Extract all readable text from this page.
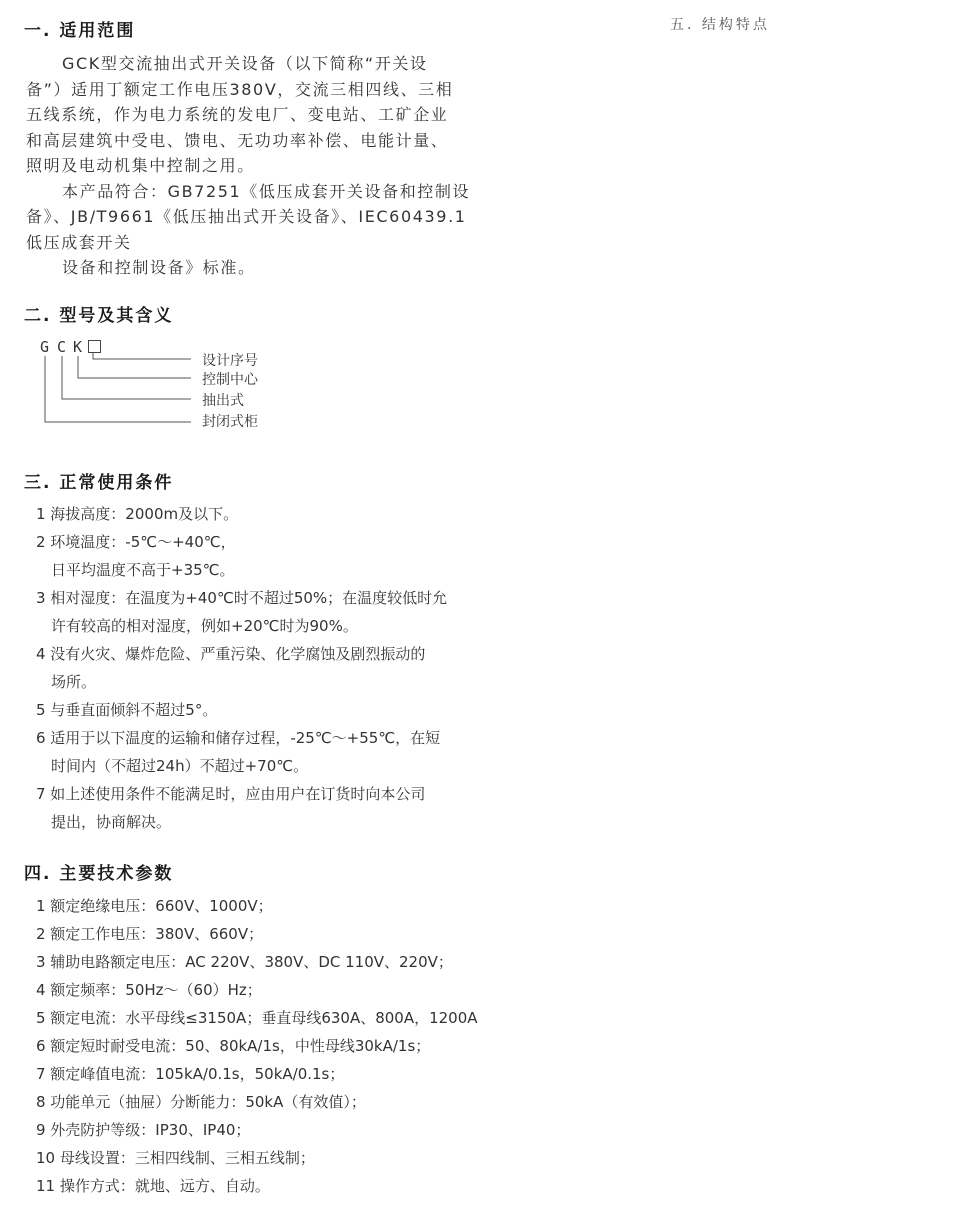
五. 结构特点
一. 适用范围
GCK型交流抽出式开关设备（以下简称“开关设
备”）适用丁额定工作电压380V，交流三相四线、三相
五线系统，作为电力系统的发电厂、变电站、工矿企业
和高层建筑中受电、馈电、无功功率补偿、电能计量、
照明及电动机集中控制之用。
本产品符合：GB7251《低压成套开关设备和控制设
备》、JB/T9661《低压抽出式开关设备》、IEC60439.1
低压成套开关
设备和控制设备》标准。
二. 型号及其含义
G C K
设计序号
控制中心
抽出式
封闭式柜
三. 正常使用条件
1 海拔高度：2000m及以下。
2 环境温度：-5℃～+40℃，
日平均温度不高于+35℃。
3 相对湿度：在温度为+40℃时不超过50%；在温度较低时允
许有较高的相对湿度，例如+20℃时为90%。
4 没有火灾、爆炸危险、严重污染、化学腐蚀及剧烈振动的
场所。
5 与垂直面倾斜不超过5°。
6 适用于以下温度的运输和储存过程，-25℃～+55℃，在短
时间内（不超过24h）不超过+70℃。
7 如上述使用条件不能满足时，应由用户在订货时向本公司
提出，协商解决。
四. 主要技术参数
1 额定绝缘电压：660V、1000V；
2 额定工作电压：380V、660V；
3 辅助电路额定电压：AC 220V、380V、DC 110V、220V；
4 额定频率：50Hz～（60）Hz；
5 额定电流：水平母线≤3150A；垂直母线630A、800A，1200A
6 额定短时耐受电流：50、80kA/1s，中性母线30kA/1s；
7 额定峰值电流：105kA/0.1s，50kA/0.1s；
8 功能单元（抽屉）分断能力：50kA（有效值）；
9 外壳防护等级：IP30、IP40；
10 母线设置：三相四线制、三相五线制；
11 操作方式：就地、远方、自动。
